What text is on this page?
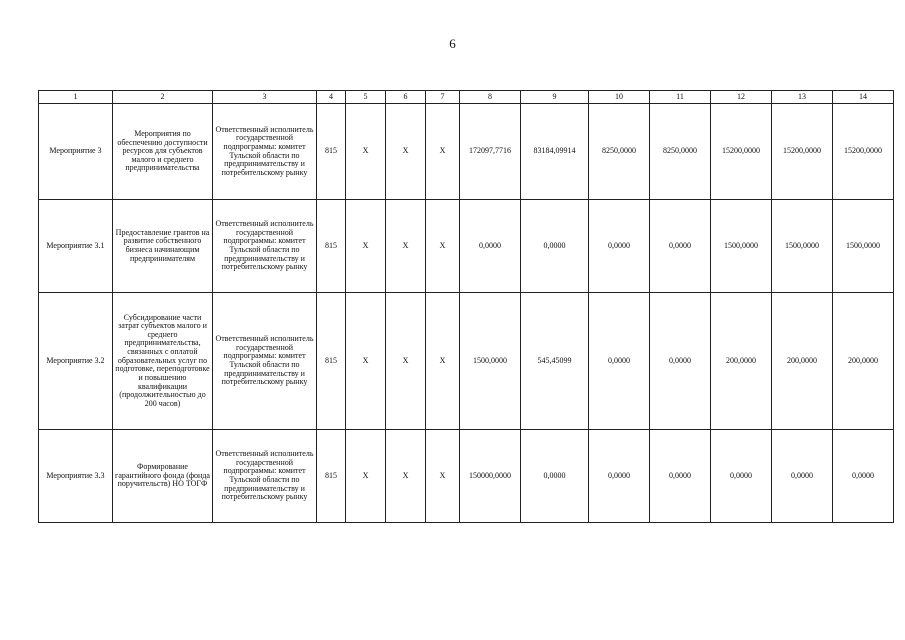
6
1	2	3	4	5	6	7	8	9	10	11	12	13	14
Мероприятие 3	Мероприятия по обеспечению доступности ресурсов для субъектов малого и среднего предпринимательства	Ответственный исполнитель государственной подпрограммы: комитет Тульской области по предпринимательству и потребительскому рынку	815	X	X	X	172097,7716	83184,09914	8250,0000	8250,0000	15200,0000	15200,0000	15200,0000
Мероприятие 3.1	Предоставление грантов на развитие собственного бизнеса начинающим предпринимателям	Ответственный исполнитель государственной подпрограммы: комитет Тульской области по предпринимательству и потребительскому рынку	815	X	X	X	0,0000	0,0000	0,0000	0,0000	1500,0000	1500,0000	1500,0000
Мероприятие 3.2	Субсидирование части затрат субъектов малого и среднего предпринимательства, связанных с оплатой образовательных услуг по подготовке, переподготовке и повышению квалификации (продолжительностью до 200 часов)	Ответственный исполнитель государственной подпрограммы: комитет Тульской области по предпринимательству и потребительскому рынку	815	X	X	X	1500,0000	545,45099	0,0000	0,0000	200,0000	200,0000	200,0000
Мероприятие 3.3	Формирование гарантийного фонда (фонда поручительств) НО ТОГФ	Ответственный исполнитель государственной подпрограммы: комитет Тульской области по предпринимательству и потребительскому рынку	815	X	X	X	150000,0000	0,0000	0,0000	0,0000	0,0000	0,0000	0,0000
